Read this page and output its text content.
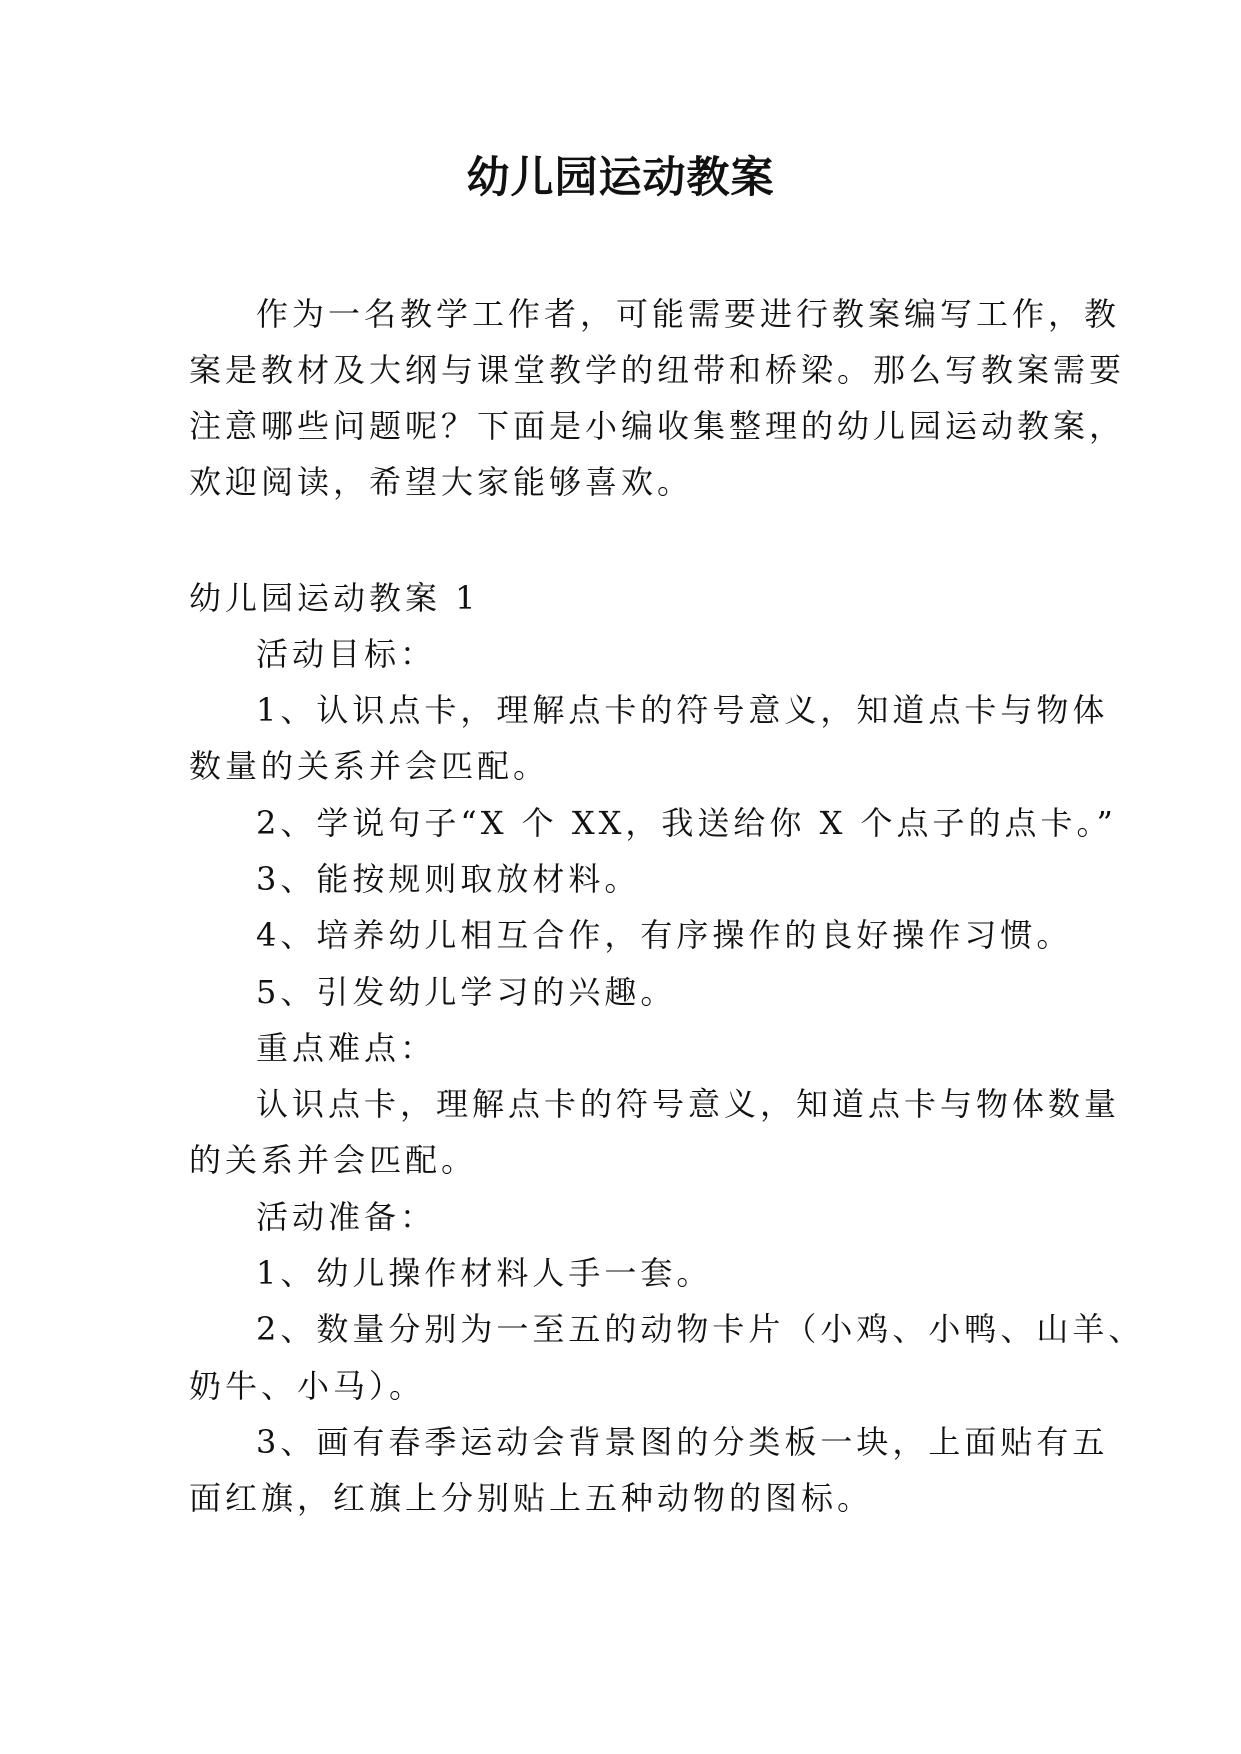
幼儿园运动教案
作为一名教学工作者，可能需要进行教案编写工作，教
案是教材及大纲与课堂教学的纽带和桥梁。那么写教案需要
注意哪些问题呢？下面是小编收集整理的幼儿园运动教案，
欢迎阅读，希望大家能够喜欢。
幼儿园运动教案 1
活动目标：
1、认识点卡，理解点卡的符号意义，知道点卡与物体
数量的关系并会匹配。
2、学说句子“X 个 XX，我送给你 X 个点子的点卡。”
3、能按规则取放材料。
4、培养幼儿相互合作，有序操作的良好操作习惯。
5、引发幼儿学习的兴趣。
重点难点：
认识点卡，理解点卡的符号意义，知道点卡与物体数量
的关系并会匹配。
活动准备：
1、幼儿操作材料人手一套。
2、数量分别为一至五的动物卡片（小鸡、小鸭、山羊、
奶牛、小马）。
3、画有春季运动会背景图的分类板一块，上面贴有五
面红旗，红旗上分别贴上五种动物的图标。
